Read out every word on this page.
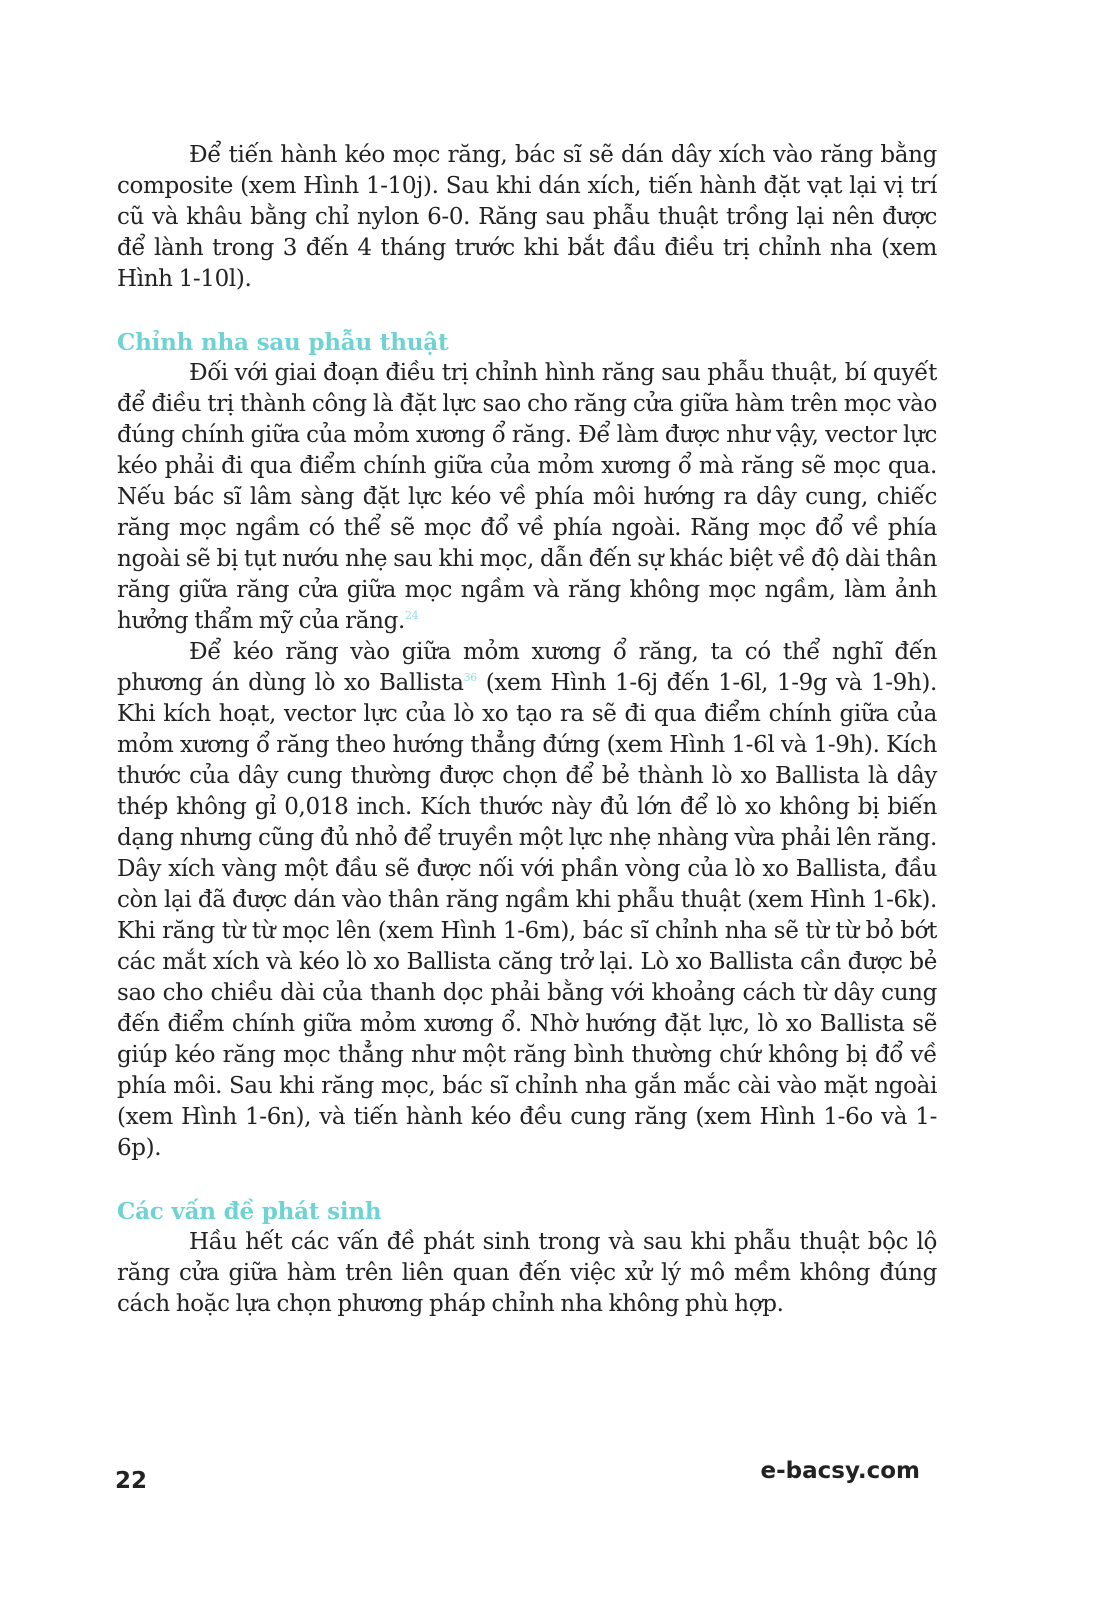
Để tiến hành kéo mọc răng, bác sĩ sẽ dán dây xích vào răng bằng composite (xem Hình 1-10j). Sau khi dán xích, tiến hành đặt vạt lại vị trí cũ và khâu bằng chỉ nylon 6-0. Răng sau phẫu thuật trồng lại nên được để lành trong 3 đến 4 tháng trước khi bắt đầu điều trị chỉnh nha (xem Hình 1-10l).

Chỉnh nha sau phẫu thuật

Đối với giai đoạn điều trị chỉnh hình răng sau phẫu thuật, bí quyết để điều trị thành công là đặt lực sao cho răng cửa giữa hàm trên mọc vào đúng chính giữa của mỏm xương ổ răng. Để làm được như vậy, vector lực kéo phải đi qua điểm chính giữa của mỏm xương ổ mà răng sẽ mọc qua. Nếu bác sĩ lâm sàng đặt lực kéo về phía môi hướng ra dây cung, chiếc răng mọc ngầm có thể sẽ mọc đổ về phía ngoài. Răng mọc đổ về phía ngoài sẽ bị tụt nướu nhẹ sau khi mọc, dẫn đến sự khác biệt về độ dài thân răng giữa răng cửa giữa mọc ngầm và răng không mọc ngầm, làm ảnh hưởng thẩm mỹ của răng.$^{24}$

Để kéo răng vào giữa mỏm xương ổ răng, ta có thể nghĩ đến phương án dùng lò xo Ballista$^{36}$ (xem Hình 1-6j đến 1-6l, 1-9g và 1-9h). Khi kích hoạt, vector lực của lò xo tạo ra sẽ đi qua điểm chính giữa của mỏm xương ổ răng theo hướng thẳng đứng (xem Hình 1-6l và 1-9h). Kích thước của dây cung thường được chọn để bẻ thành lò xo Ballista là dây thép không gỉ 0,018 inch. Kích thước này đủ lớn để lò xo không bị biến dạng nhưng cũng đủ nhỏ để truyền một lực nhẹ nhàng vừa phải lên răng. Dây xích vàng một đầu sẽ được nối với phần vòng của lò xo Ballista, đầu còn lại đã được dán vào thân răng ngầm khi phẫu thuật (xem Hình 1-6k). Khi răng từ từ mọc lên (xem Hình 1-6m), bác sĩ chỉnh nha sẽ từ từ bỏ bớt các mắt xích và kéo lò xo Ballista căng trở lại. Lò xo Ballista cần được bẻ sao cho chiều dài của thanh dọc phải bằng với khoảng cách từ dây cung đến điểm chính giữa mỏm xương ổ. Nhờ hướng đặt lực, lò xo Ballista sẽ giúp kéo răng mọc thẳng như một răng bình thường chứ không bị đổ về phía môi. Sau khi răng mọc, bác sĩ chỉnh nha gắn mắc cài vào mặt ngoài (xem Hình 1-6n), và tiến hành kéo đều cung răng (xem Hình 1-6o và 1-6p).

Các vấn đề phát sinh

Hầu hết các vấn đề phát sinh trong và sau khi phẫu thuật bộc lộ răng cửa giữa hàm trên liên quan đến việc xử lý mô mềm không đúng cách hoặc lựa chọn phương pháp chỉnh nha không phù hợp.

22	e-bacsy.com
